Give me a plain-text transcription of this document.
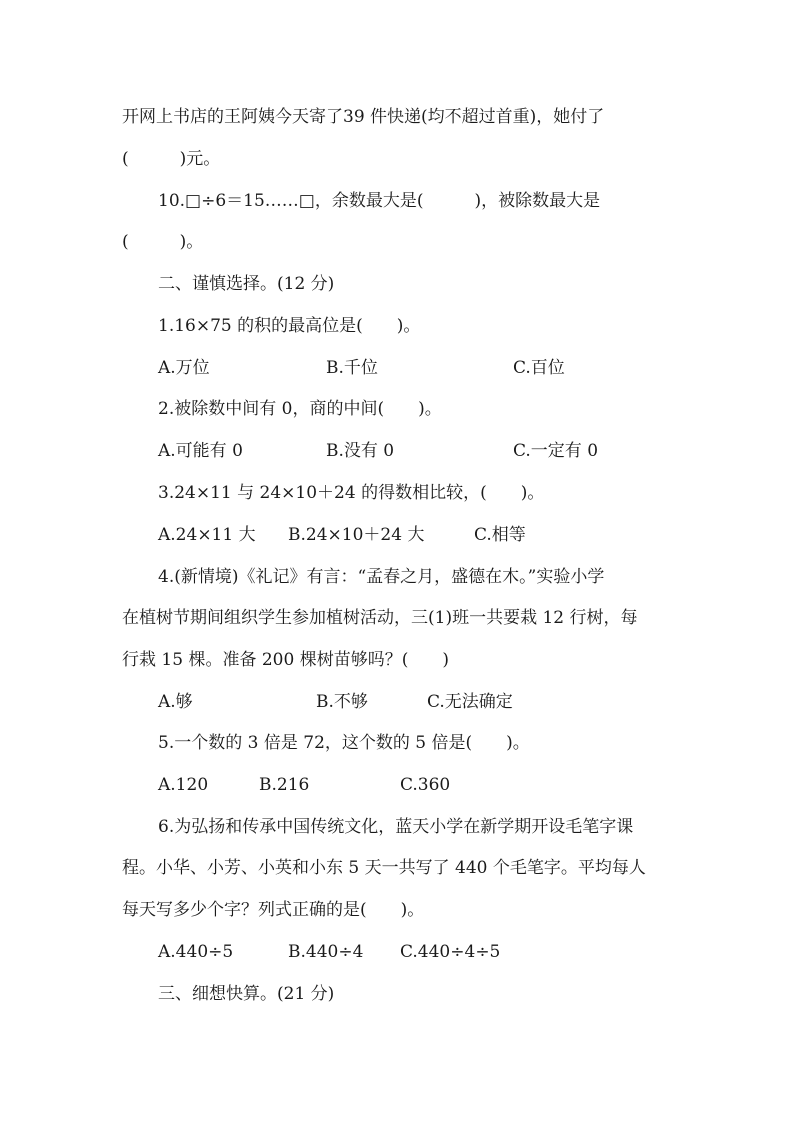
开网上书店的王阿姨今天寄了39 件快递(均不超过首重)，她付了
(　　　)元。
10.□÷6＝15……□，余数最大是(　　　)，被除数最大是
(　　　)。
二、谨慎选择。(12 分)
1.16×75 的积的最高位是(　　)。
A.万位	B.千位	C.百位
2.被除数中间有 0，商的中间(　　)。
A.可能有 0	B.没有 0	C.一定有 0
3.24×11 与 24×10＋24 的得数相比较，(　　)。
A.24×11 大 B.24×10＋24 大	C.相等
4.(新情境)《礼记》有言：“孟春之月，盛德在木。”实验小学
在植树节期间组织学生参加植树活动，三(1)班一共要栽 12 行树，每
行栽 15 棵。准备 200 棵树苗够吗？(　　)
A.够	B.不够	C.无法确定
5.一个数的 3 倍是 72，这个数的 5 倍是(　　)。
A.120	B.216	C.360
6.为弘扬和传承中国传统文化，蓝天小学在新学期开设毛笔字课
程。小华、小芳、小英和小东 5 天一共写了 440 个毛笔字。平均每人
每天写多少个字？列式正确的是(　　)。
A.440÷5	B.440÷4 C.440÷4÷5
三、细想快算。(21 分)
